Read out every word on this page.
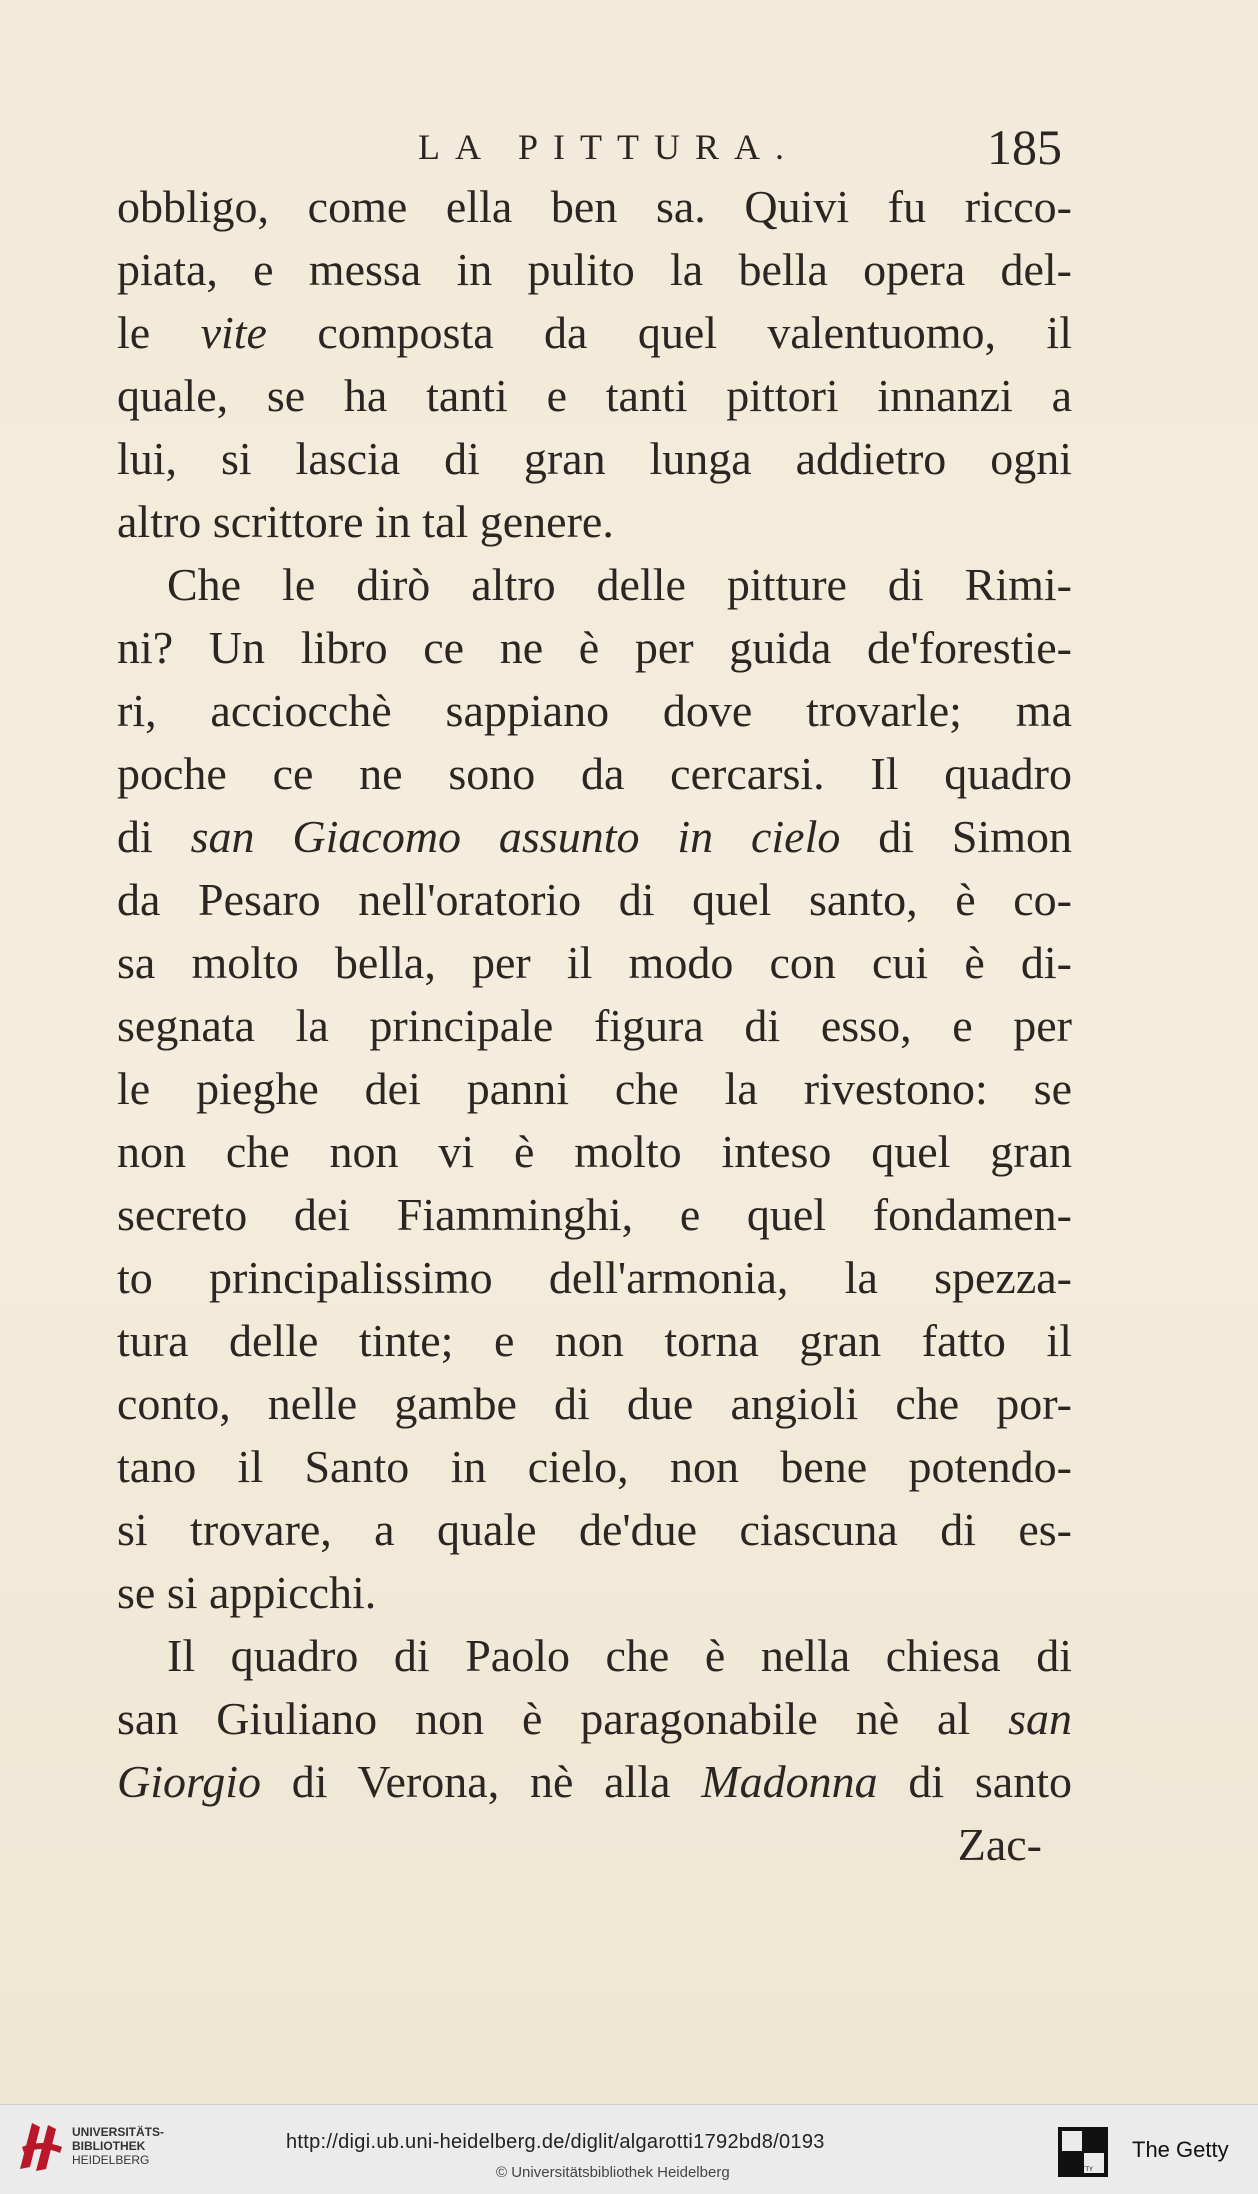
LA PITTURA.	185
obbligo, come ella ben sa. Quivi fu ricco-
piata, e messa in pulito la bella opera del-
le vite composta da quel valentuomo, il
quale, se ha tanti e tanti pittori innanzi a
lui, si lascia di gran lunga addietro ogni
altro scrittore in tal genere.
Che le dirò altro delle pitture di Rimi-
ni? Un libro ce ne è per guida de'forestie-
ri, acciocchè sappiano dove trovarle; ma
poche ce ne sono da cercarsi. Il quadro
di san Giacomo assunto in cielo di Simon
da Pesaro nell'oratorio di quel santo, è co-
sa molto bella, per il modo con cui è di-
segnata la principale figura di esso, e per
le pieghe dei panni che la rivestono: se
non che non vi è molto inteso quel gran
secreto dei Fiamminghi, e quel fondamen-
to principalissimo dell'armonia, la spezza-
tura delle tinte; e non torna gran fatto il
conto, nelle gambe di due angioli che por-
tano il Santo in cielo, non bene potendo-
si trovare, a quale de'due ciascuna di es-
se si appicchi.
Il quadro di Paolo che è nella chiesa di
san Giuliano non è paragonabile nè al san
Giorgio di Verona, nè alla Madonna di santo
Zac-
UNIVERSITÄTS-
BIBLIOTHEK
HEIDELBERG
http://digi.ub.uni-heidelberg.de/diglit/algarotti1792bd8/0193
© Universitätsbibliothek Heidelberg	GETTY
The Getty
